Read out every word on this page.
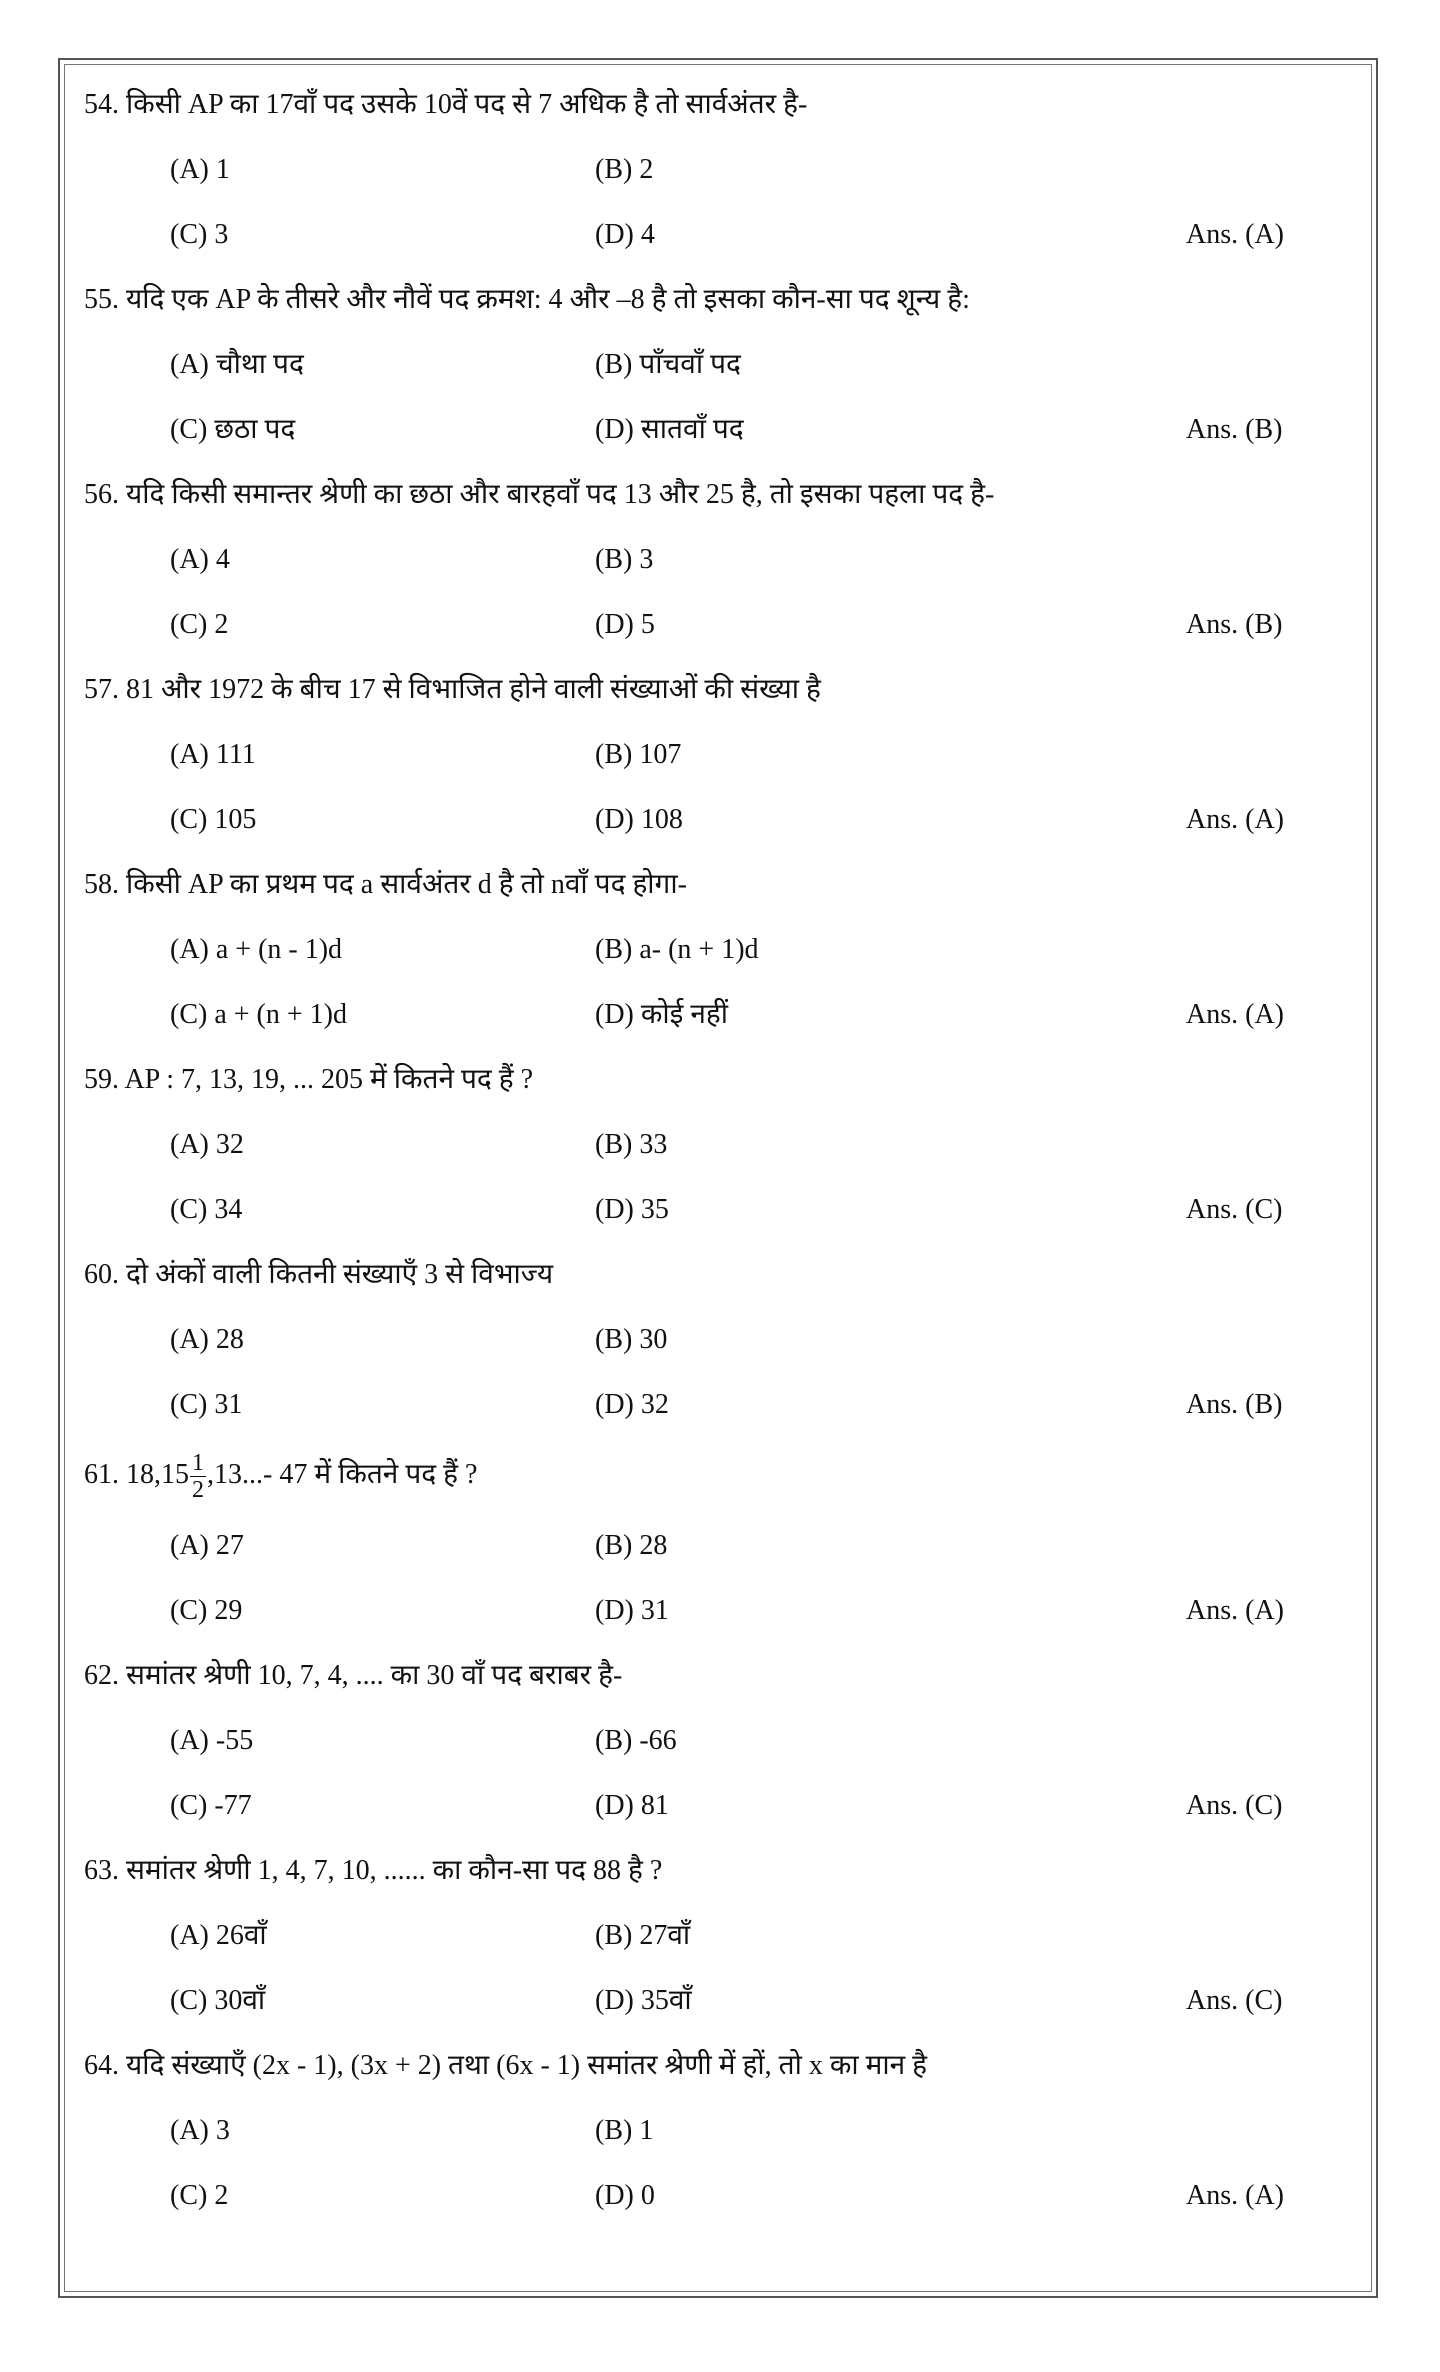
54. किसी AP का 17वाँ पद उसके 10वें पद से 7 अधिक है तो सार्वअंतर है-
(A) 1	(B) 2
(C) 3	(D) 4	Ans. (A)
55. यदि एक AP के तीसरे और नौवें पद क्रमश: 4 और –8 है तो इसका कौन-सा पद शून्य है:
(A) चौथा पद	(B) पाँचवाँ पद
(C) छठा पद	(D) सातवाँ पद	Ans. (B)
56. यदि किसी समान्तर श्रेणी का छठा और बारहवाँ पद 13 और 25 है, तो इसका पहला पद है-
(A) 4	(B) 3
(C) 2	(D) 5	Ans. (B)
57. 81 और 1972 के बीच 17 से विभाजित होने वाली संख्याओं की संख्या है
(A) 111	(B) 107
(C) 105	(D) 108	Ans. (A)
58. किसी AP का प्रथम पद a सार्वअंतर d है तो nवाँ पद होगा-
(A) a + (n - 1)d	(B) a- (n + 1)d
(C) a + (n + 1)d	(D) कोई नहीं	Ans. (A)
59. AP : 7, 13, 19, ... 205 में कितने पद हैं ?
(A) 32	(B) 33
(C) 34	(D) 35	Ans. (C)
60. दो अंकों वाली कितनी संख्याएँ 3 से विभाज्य
(A) 28	(B) 30
(C) 31	(D) 32	Ans. (B)
61. $18,15 \frac{1}{2} ,13...-$ 47 में कितने पद हैं ?
(A) 27	(B) 28
(C) 29	(D) 31	Ans. (A)
62. समांतर श्रेणी 10, 7, 4, .... का 30 वाँ पद बराबर है-
(A) -55	(B) -66
(C) -77	(D) 81	Ans. (C)
63. समांतर श्रेणी 1, 4, 7, 10, ...... का कौन-सा पद 88 है ?
(A) 26वाँ	(B) 27वाँ
(C) 30वाँ	(D) 35वाँ	Ans. (C)
64. यदि संख्याएँ (2x - 1), (3x + 2) तथा (6x - 1) समांतर श्रेणी में हों, तो x का मान है
(A) 3	(B) 1
(C) 2	(D) 0	Ans. (A)
